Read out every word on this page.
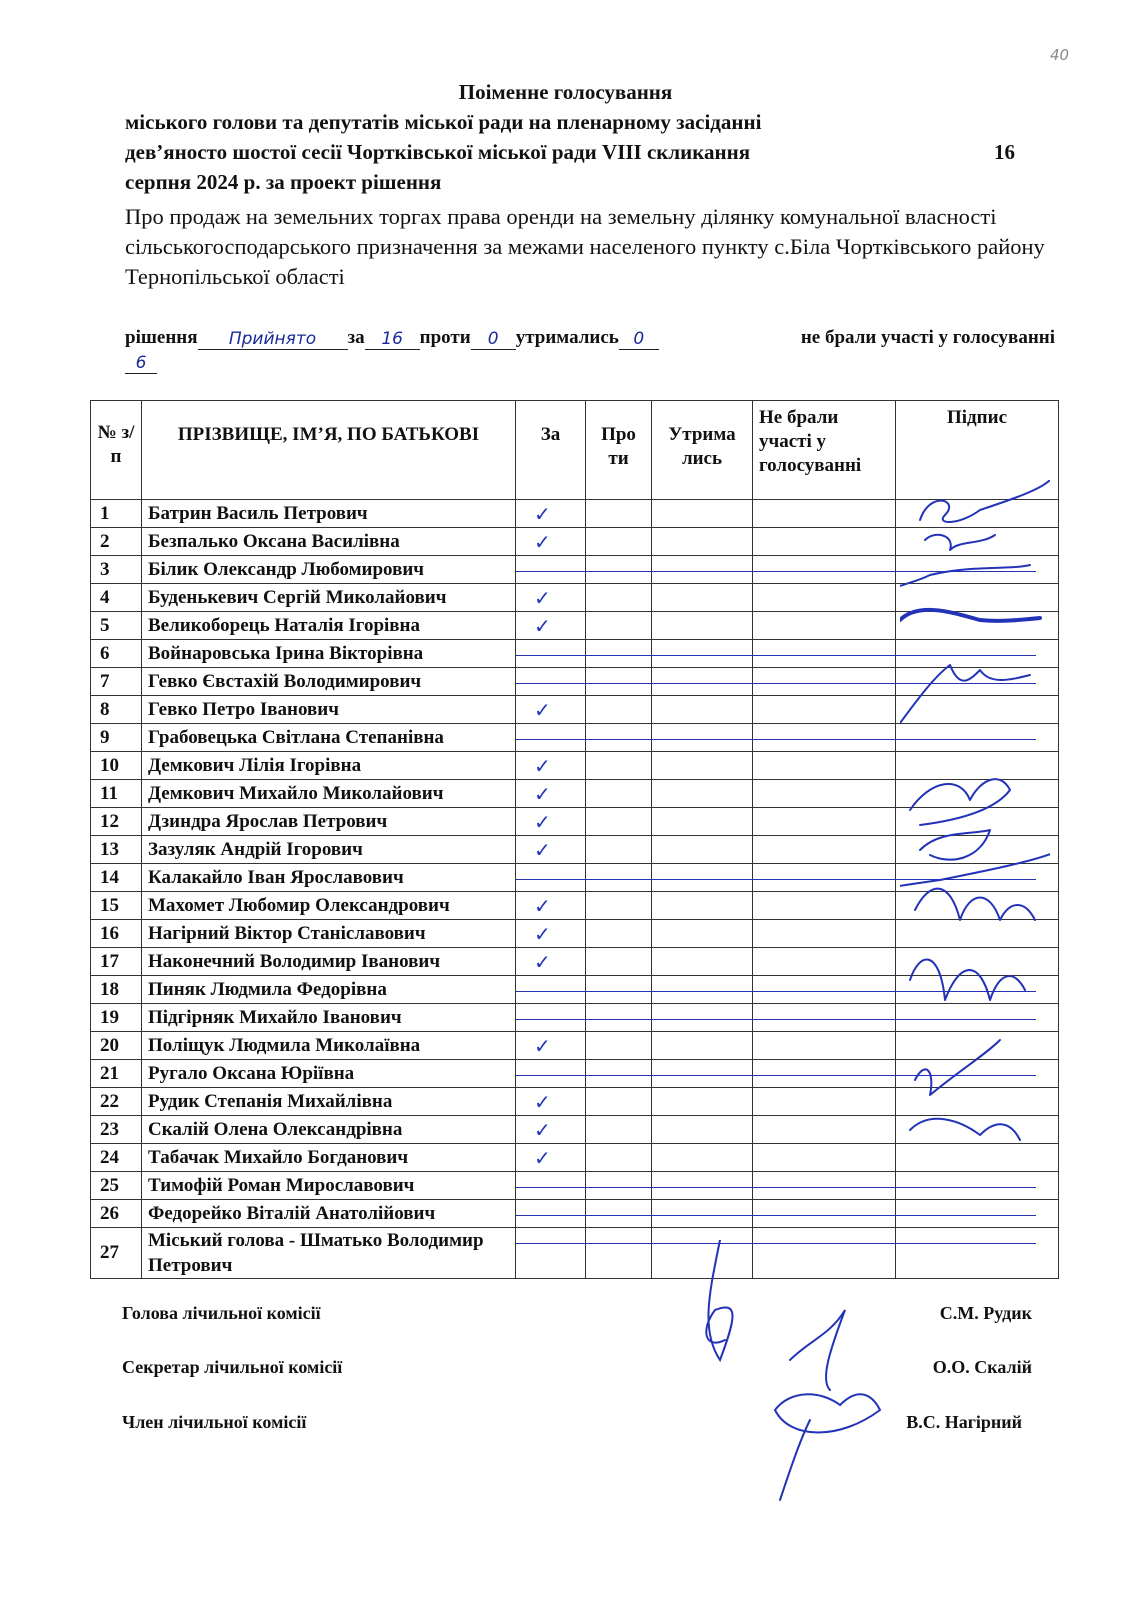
40
Поіменне голосування
міського голови та депутатів міської ради на пленарному засіданні
дев’яносто шостої сесії Чортківської міської ради VIII скликання	16
серпня 2024 р. за проект рішення
Про продаж на земельних торгах права оренди на земельну ділянку комунальної власності сільськогосподарського призначення за межами населеного пункту с.Біла Чортківського району Тернопільської області
рішення	Прийнято	за 16 проти	0 утримались 0	не брали участі у голосуванні
6
№ з/п	ПРІЗВИЩЕ, ІМ’Я, ПО БАТЬКОВІ	За	Про ти	Утрима лись	Не брали участі у голосуванні	Підпис
1	Батрин Василь Петрович	✓				

2	Безпалько Оксана Василівна	✓				

3	Білик Олександр Любомирович	

4	Буденькевич Сергій Миколайович	✓				

5	Великоборець Наталія Ігорівна	✓				

6	Войнаровська Ірина Вікторівна	

7	Гевко Євстахій Володимирович	

8	Гевко Петро Іванович	✓				

9	Грабовецька Світлана Степанівна	

10	Демкович Лілія Ігорівна	✓				

11	Демкович Михайло Миколайович	✓				

12	Дзиндра Ярослав Петрович	✓				

13	Зазуляк Андрій Ігорович	✓				

14	Калакайло Іван Ярославович	

15	Махомет Любомир Олександрович	✓				

16	Нагірний Віктор Станіславович	✓				

17	Наконечний Володимир Іванович	✓				

18	Пиняк Людмила Федорівна	

19	Підгірняк Михайло Іванович	

20	Поліщук Людмила Миколаївна	✓				

21	Ругало Оксана Юріївна	

22	Рудик Степанія Михайлівна	✓				

23	Скалій Олена Олександрівна	✓				

24	Табачак Михайло Богданович	✓				

25	Тимофій Роман Мирославович	

26	Федорейко Віталій Анатолійович	

27	Міський голова - Шматько Володимир Петрович	

Голова лічильної комісії	С.М. Рудик
Секретар лічильної комісії	О.О. Скалій
Член лічильної комісії	В.С. Нагірний
